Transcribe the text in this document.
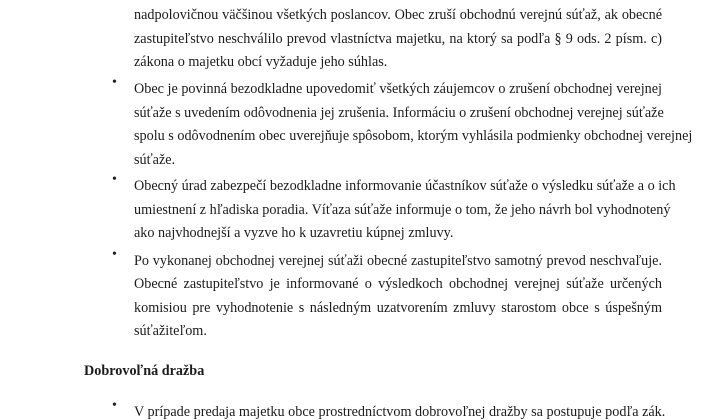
nadpolovičnou väčšinou všetkých poslancov. Obec zruší obchodnú verejnú súťaž, ak obecné
zastupiteľstvo neschválilo prevod vlastníctva majetku, na ktorý sa podľa § 9 ods. 2 písm. c)
zákona o majetku obcí vyžaduje jeho súhlas.
• Obec je povinná bezodkladne upovedomiť všetkých záujemcov o zrušení obchodnej verejnej
súťaže s uvedením odôvodnenia jej zrušenia. Informáciu o zrušení obchodnej verejnej súťaže
spolu s odôvodnením obec uverejňuje spôsobom, ktorým vyhlásila podmienky obchodnej verejnej
súťaže.
• Obecný úrad zabezpečí bezodkladne informovanie účastníkov súťaže o výsledku súťaže a o ich
umiestnení z hľadiska poradia. Víťaza súťaže informuje o tom, že jeho návrh bol vyhodnotený
ako najvhodnejší a vyzve ho k uzavretiu kúpnej zmluvy.
• Po vykonanej obchodnej verejnej súťaži obecné zastupiteľstvo samotný prevod neschvaľuje.
Obecné zastupiteľstvo je informované o výsledkoch obchodnej verejnej súťaže určených
komisiou pre vyhodnotenie s následným uzatvorením zmluvy starostom obce s úspešným
súťažiteľom.
Dobrovoľná dražba
• V prípade predaja majetku obce prostredníctvom dobrovoľnej dražby sa postupuje podľa zák.
